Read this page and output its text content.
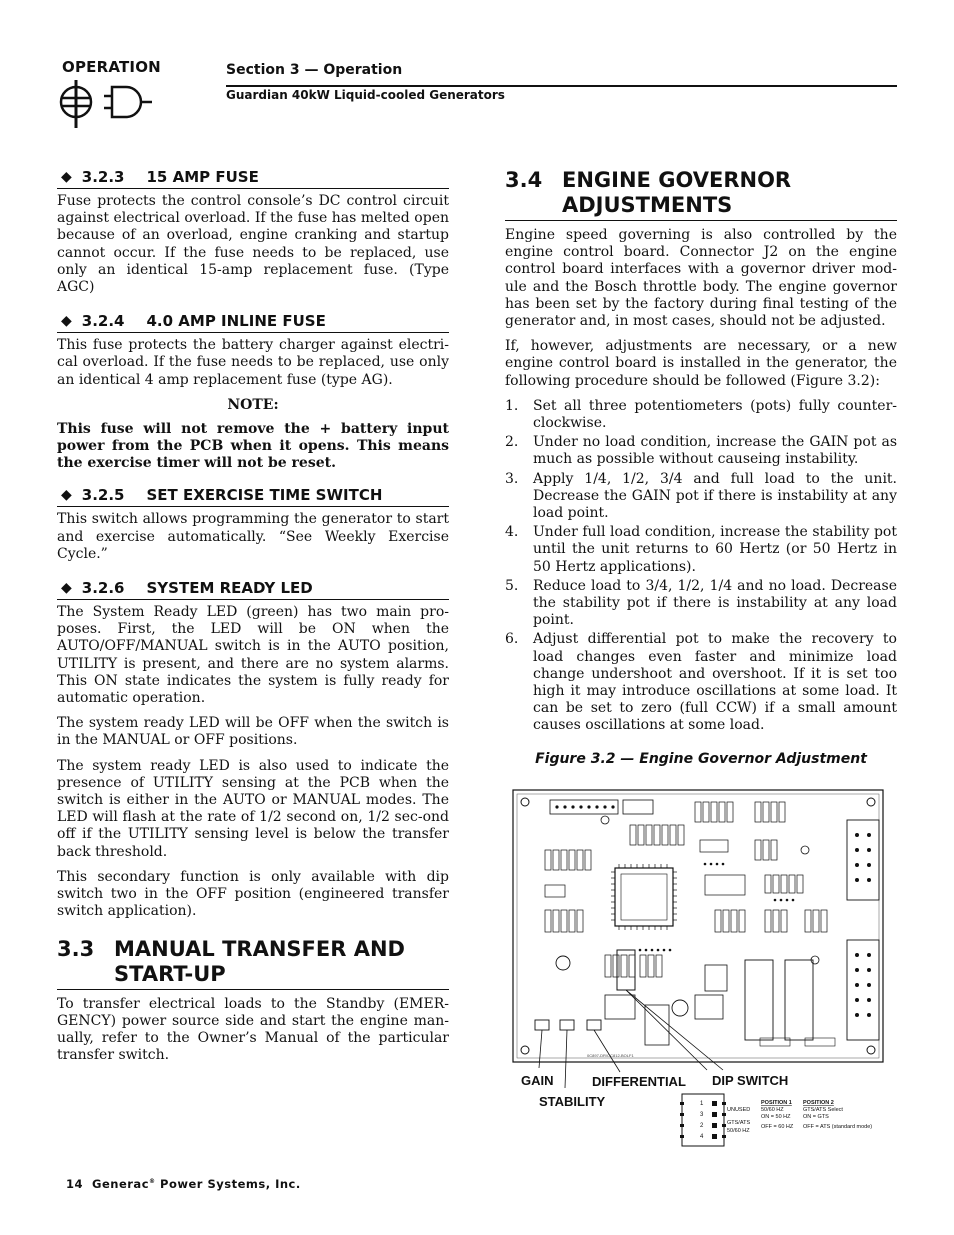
OPERATION	Section 3 — Operation
Guardian 40kW Liquid-cooled Generators
◆ 3.2.3 15 AMP FUSE

Fuse protects the control console’s DC control circuit against electrical overload. If the fuse has melted open because of an overload, engine cranking and startup cannot occur. If the fuse needs to be replaced, use only an identical 15-amp replacement fuse. (Type AGC)

◆ 3.2.4 4.0 AMP INLINE FUSE

This fuse protects the battery charger against electri-cal overload. If the fuse needs to be replaced, use only an identical 4 amp replacement fuse (type AG).

NOTE:

This fuse will not remove the + battery input power from the PCB when it opens. This means the exercise timer will not be reset.

◆ 3.2.5 SET EXERCISE TIME SWITCH

This switch allows programming the generator to start and exercise automatically. “See Weekly Exercise Cycle.”

◆ 3.2.6 SYSTEM READY LED

The System Ready LED (green) has two main pro-poses. First, the LED will be ON when the AUTO/OFF/MANUAL switch is in the AUTO position, UTILITY is present, and there are no system alarms. This ON state indicates the system is fully ready for automatic operation.

The system ready LED will be OFF when the switch is in the MANUAL or OFF positions.

The system ready LED is also used to indicate the presence of UTILITY sensing at the PCB when the switch is either in the AUTO or MANUAL modes. The LED will flash at the rate of 1/2 second on, 1/2 sec-ond off if the UTILITY sensing level is below the transfer back threshold.

This secondary function is only available with dip switch two in the OFF position (engineered transfer switch application).

3.3 MANUAL TRANSFER AND
START-UP

To transfer electrical loads to the Standby (EMER-GENCY) power source side and start the engine man-ually, refer to the Owner’s Manual of the particular transfer switch.

3.4 ENGINE GOVERNOR
ADJUSTMENTS

Engine speed governing is also controlled by the engine control board. Connector J2 on the engine control board interfaces with a governor driver mod-ule and the Bosch throttle body. The engine governor has been set by the factory during final testing of the generator and, in most cases, should not be adjusted.

If, however, adjustments are necessary, or a new engine control board is installed in the generator, the following procedure should be followed (Figure 3.2):

1.	Set all three potentiometers (pots) fully counter-clockwise.
2.	Under no load condition, increase the GAIN pot as much as possible without causeing instability.
3.	Apply 1/4, 1/2, 3/4 and full load to the unit. Decrease the GAIN pot if there is instability at any load point.
4.	Under full load condition, increase the stability pot until the unit returns to 60 Hertz (or 50 Hertz in 50 Hertz applications).
5.	Reduce load to 3/4, 1/2, 1/4 and no load. Decrease the stability pot if there is instability at any load point.
6.	Adjust differential pot to make the recovery to load changes even faster and minimize load change undershoot and overshoot. If it is set too high it may introduce oscillations at some load. It can be set to zero (full CCW) if a small amount causes oscillations at some load.
Figure 3.2 — Engine Governor Adjustment
0C897-DR/OC812-BOLF1
GAIN
STABILITY
DIFFERENTIAL DIP SWITCH
1
3
2
4
UNUSED
GTS/ATS
50/60 HZ
POSITION 1
50/60 HZ
ON = 50 HZ
OFF = 60 HZ
POSITION 2
GTS/ATS Select
ON = GTS
OFF = ATS (standard mode)
14 Generac® Power Systems, Inc.
